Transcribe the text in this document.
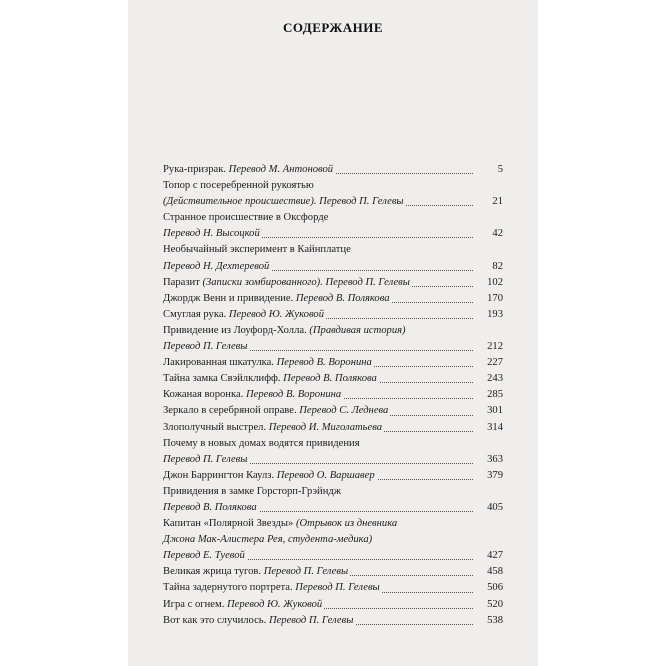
СОДЕРЖАНИЕ
Рука-призрак. Перевод М. Антоновой	5
Топор с посеребренной рукоятью
(Действительное происшествие). Перевод П. Гелевы	21
Странное происшествие в Оксфорде
Перевод Н. Высоцкой	42
Необычайный эксперимент в Кайнплатце
Перевод Н. Дехтеревой	82
Паразит (Записки зомбированного). Перевод П. Гелевы	102
Джордж Венн и привидение. Перевод В. Полякова	170
Смуглая рука. Перевод Ю. Жуковой	193
Привидение из Лоуфорд-Холла. (Правдивая история)
Перевод П. Гелевы	212
Лакированная шкатулка. Перевод В. Воронина	227
Тайна замка Свэйлклифф. Перевод В. Полякова	243
Кожаная воронка. Перевод В. Воронина	285
Зеркало в серебряной оправе. Перевод С. Леднева	301
Злополучный выстрел. Перевод И. Миголатьева	314
Почему в новых домах водятся привидения
Перевод П. Гелевы	363
Джон Баррингтон Каулз. Перевод О. Варшавер	379
Привидения в замке Горсторп-Грэйндж
Перевод В. Полякова	405
Капитан «Полярной Звезды» (Отрывок из дневника
Джона Мак-Алистера Рея, студента-медика)
Перевод Е. Туевой	427
Великая жрица тугов. Перевод П. Гелевы	458
Тайна задернутого портрета. Перевод П. Гелевы	506
Игра с огнем. Перевод Ю. Жуковой	520
Вот как это случилось. Перевод П. Гелевы	538
